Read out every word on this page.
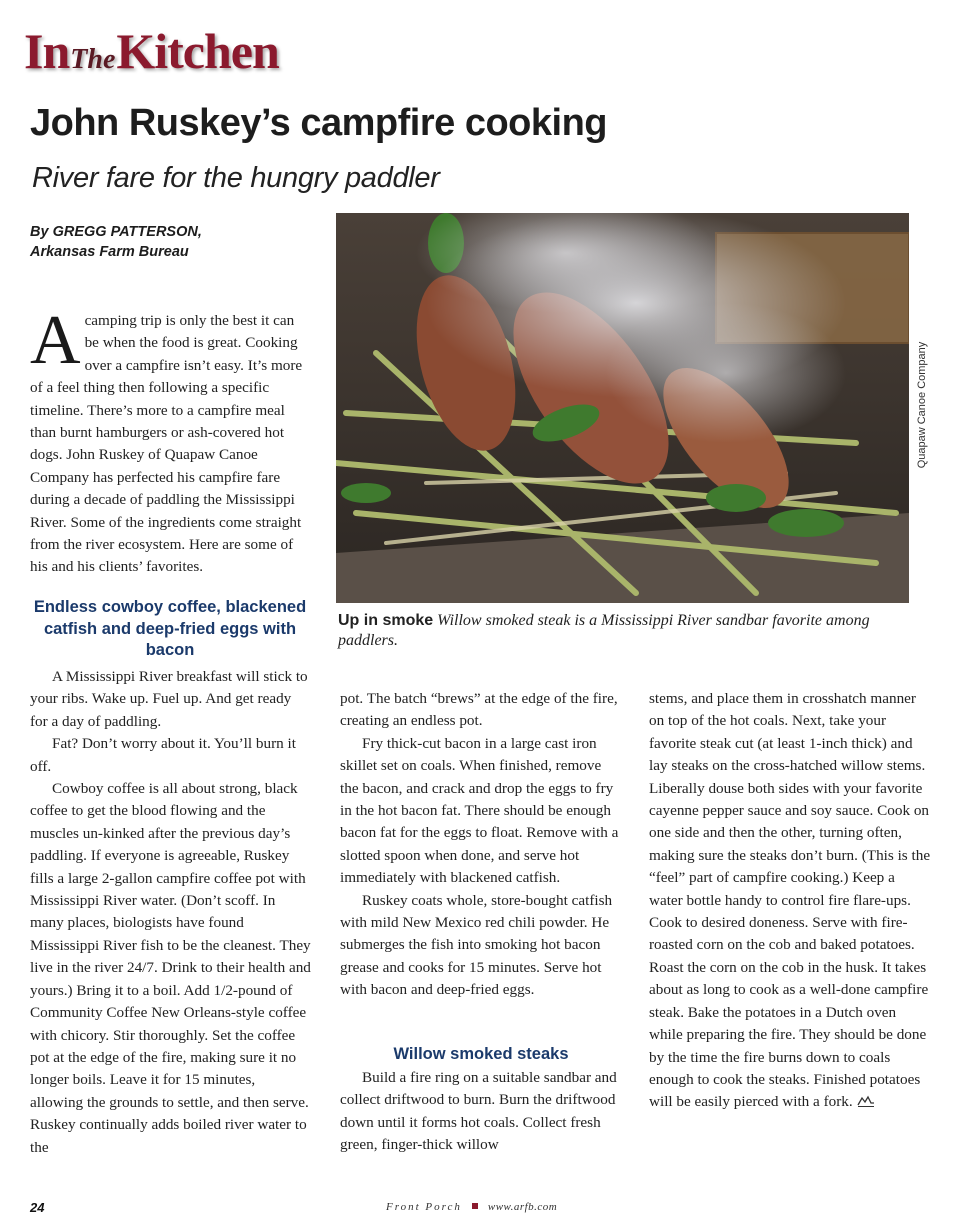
InTheKitchen
John Ruskey’s campfire cooking
River fare for the hungry paddler
By GREGG PATTERSON,
Arkansas Farm Bureau
A camping trip is only the best it can be when the food is great. Cooking over a campfire isn’t easy. It’s more of a feel thing then following a specific timeline. There’s more to a campfire meal than burnt hamburgers or ash-covered hot dogs. John Ruskey of Quapaw Canoe Company has perfected his campfire fare during a decade of paddling the Mississippi River. Some of the ingredients come straight from the river ecosystem. Here are some of his and his clients’ favorites.
Endless cowboy coffee, blackened catfish and deep-fried eggs with bacon

A Mississippi River breakfast will stick to your ribs. Wake up. Fuel up. And get ready for a day of paddling.

Fat? Don’t worry about it. You’ll burn it off.

Cowboy coffee is all about strong, black coffee to get the blood flowing and the muscles un-kinked after the previous day’s paddling. If everyone is agreeable, Ruskey fills a large 2-gallon campfire coffee pot with Mississippi River water. (Don’t scoff. In many places, biologists have found Mississippi River fish to be the cleanest. They live in the river 24/7. Drink to their health and yours.) Bring it to a boil. Add 1/2-pound of Community Coffee New Orleans-style coffee with chicory. Stir thoroughly. Set the coffee pot at the edge of the fire, making sure it no longer boils. Leave it for 15 minutes, allowing the grounds to settle, and then serve. Ruskey continually adds boiled river water to the

pot. The batch “brews” at the edge of the fire, creating an endless pot.

Fry thick-cut bacon in a large cast iron skillet set on coals. When finished, remove the bacon, and crack and drop the eggs to fry in the hot bacon fat. There should be enough bacon fat for the eggs to float. Remove with a slotted spoon when done, and serve hot immediately with blackened catfish.

Ruskey coats whole, store-bought catfish with mild New Mexico red chili powder. He submerges the fish into smoking hot bacon grease and cooks for 15 minutes. Serve hot with bacon and deep-fried eggs.

Willow smoked steaks

Build a fire ring on a suitable sandbar and collect driftwood to burn. Burn the driftwood down until it forms hot coals. Collect fresh green, finger-thick willow

stems, and place them in crosshatch manner on top of the hot coals. Next, take your favorite steak cut (at least 1-inch thick) and lay steaks on the cross-hatched willow stems. Liberally douse both sides with your favorite cayenne pepper sauce and soy sauce. Cook on one side and then the other, turning often, making sure the steaks don’t burn. (This is the “feel” part of campfire cooking.) Keep a water bottle handy to control fire flare-ups. Cook to desired doneness. Serve with fire-roasted corn on the cob and baked potatoes. Roast the corn on the cob in the husk. It takes about as long to cook as a well-done campfire steak. Bake the potatoes in a Dutch oven while preparing the fire. They should be done by the time the fire burns down to coals enough to cook the steaks. Finished potatoes will be easily pierced with a fork.

Quapaw Canoe Company
Up in smoke Willow smoked steak is a Mississippi River sandbar favorite among paddlers.
24	Front Porch www.arfb.com
